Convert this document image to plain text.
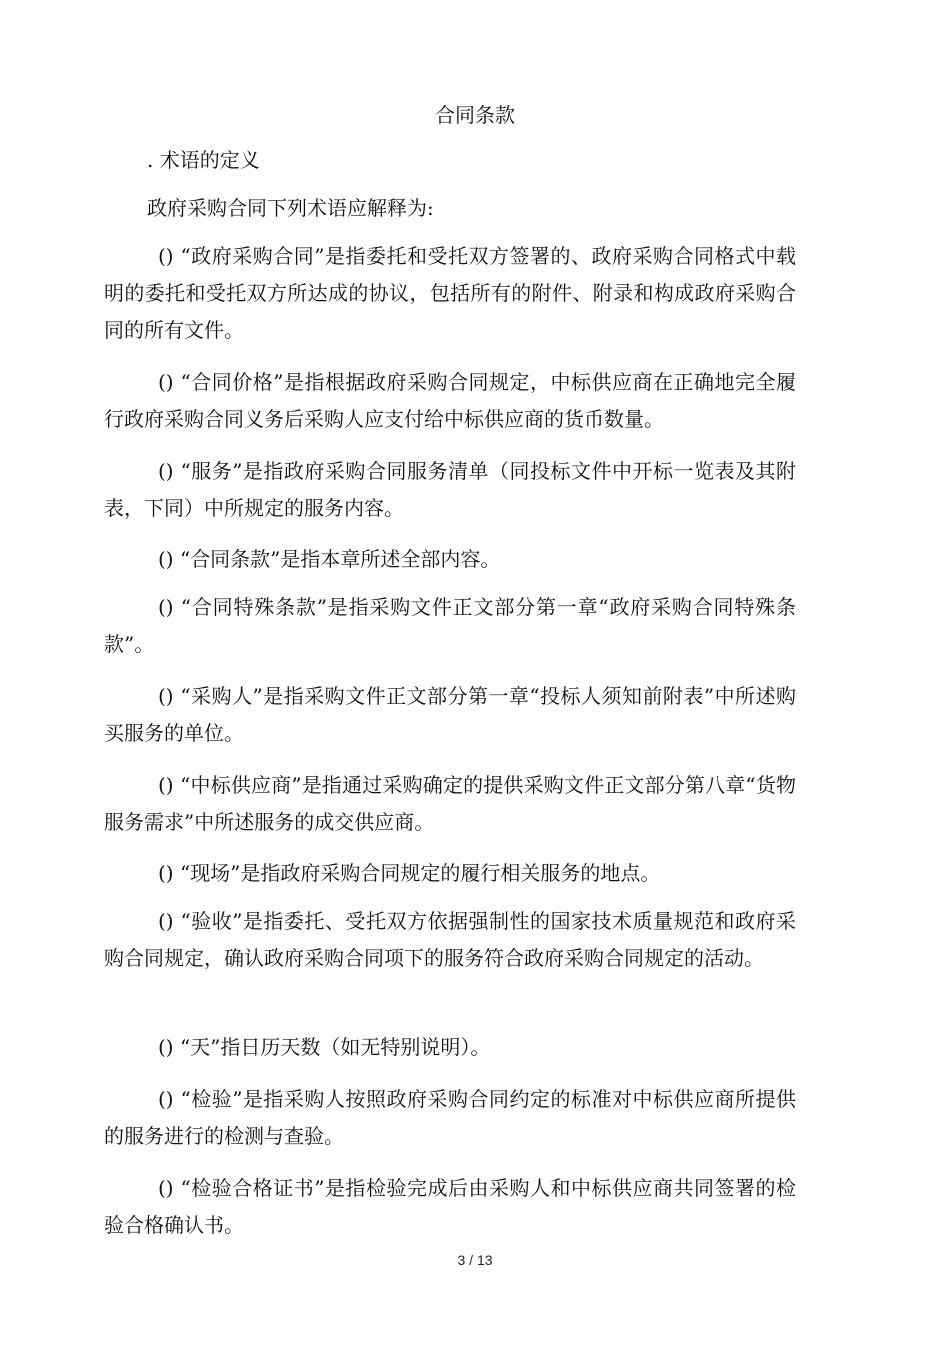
合同条款
. 术语的定义
政府采购合同下列术语应解释为:

() “政府采购合同”是指委托和受托双方签署的、政府采购合同格式中载明的委托和受托双方所达成的协议，包括所有的附件、附录和构成政府采购合同的所有文件。

() “合同价格”是指根据政府采购合同规定，中标供应商在正确地完全履行政府采购合同义务后采购人应支付给中标供应商的货币数量。

() “服务”是指政府采购合同服务清单（同投标文件中开标一览表及其附表，下同）中所规定的服务内容。

() “合同条款”是指本章所述全部内容。

() “合同特殊条款”是指采购文件正文部分第一章“政府采购合同特殊条款”。

() “采购人”是指采购文件正文部分第一章“投标人须知前附表”中所述购买服务的单位。

() “中标供应商”是指通过采购确定的提供采购文件正文部分第八章“货物服务需求”中所述服务的成交供应商。

() “现场”是指政府采购合同规定的履行相关服务的地点。

() “验收”是指委托、受托双方依据强制性的国家技术质量规范和政府采购合同规定，确认政府采购合同项下的服务符合政府采购合同规定的活动。

() “天”指日历天数（如无特别说明）。

() “检验”是指采购人按照政府采购合同约定的标准对中标供应商所提供的服务进行的检测与查验。

() “检验合格证书”是指检验完成后由采购人和中标供应商共同签署的检验合格确认书。

3 / 13
